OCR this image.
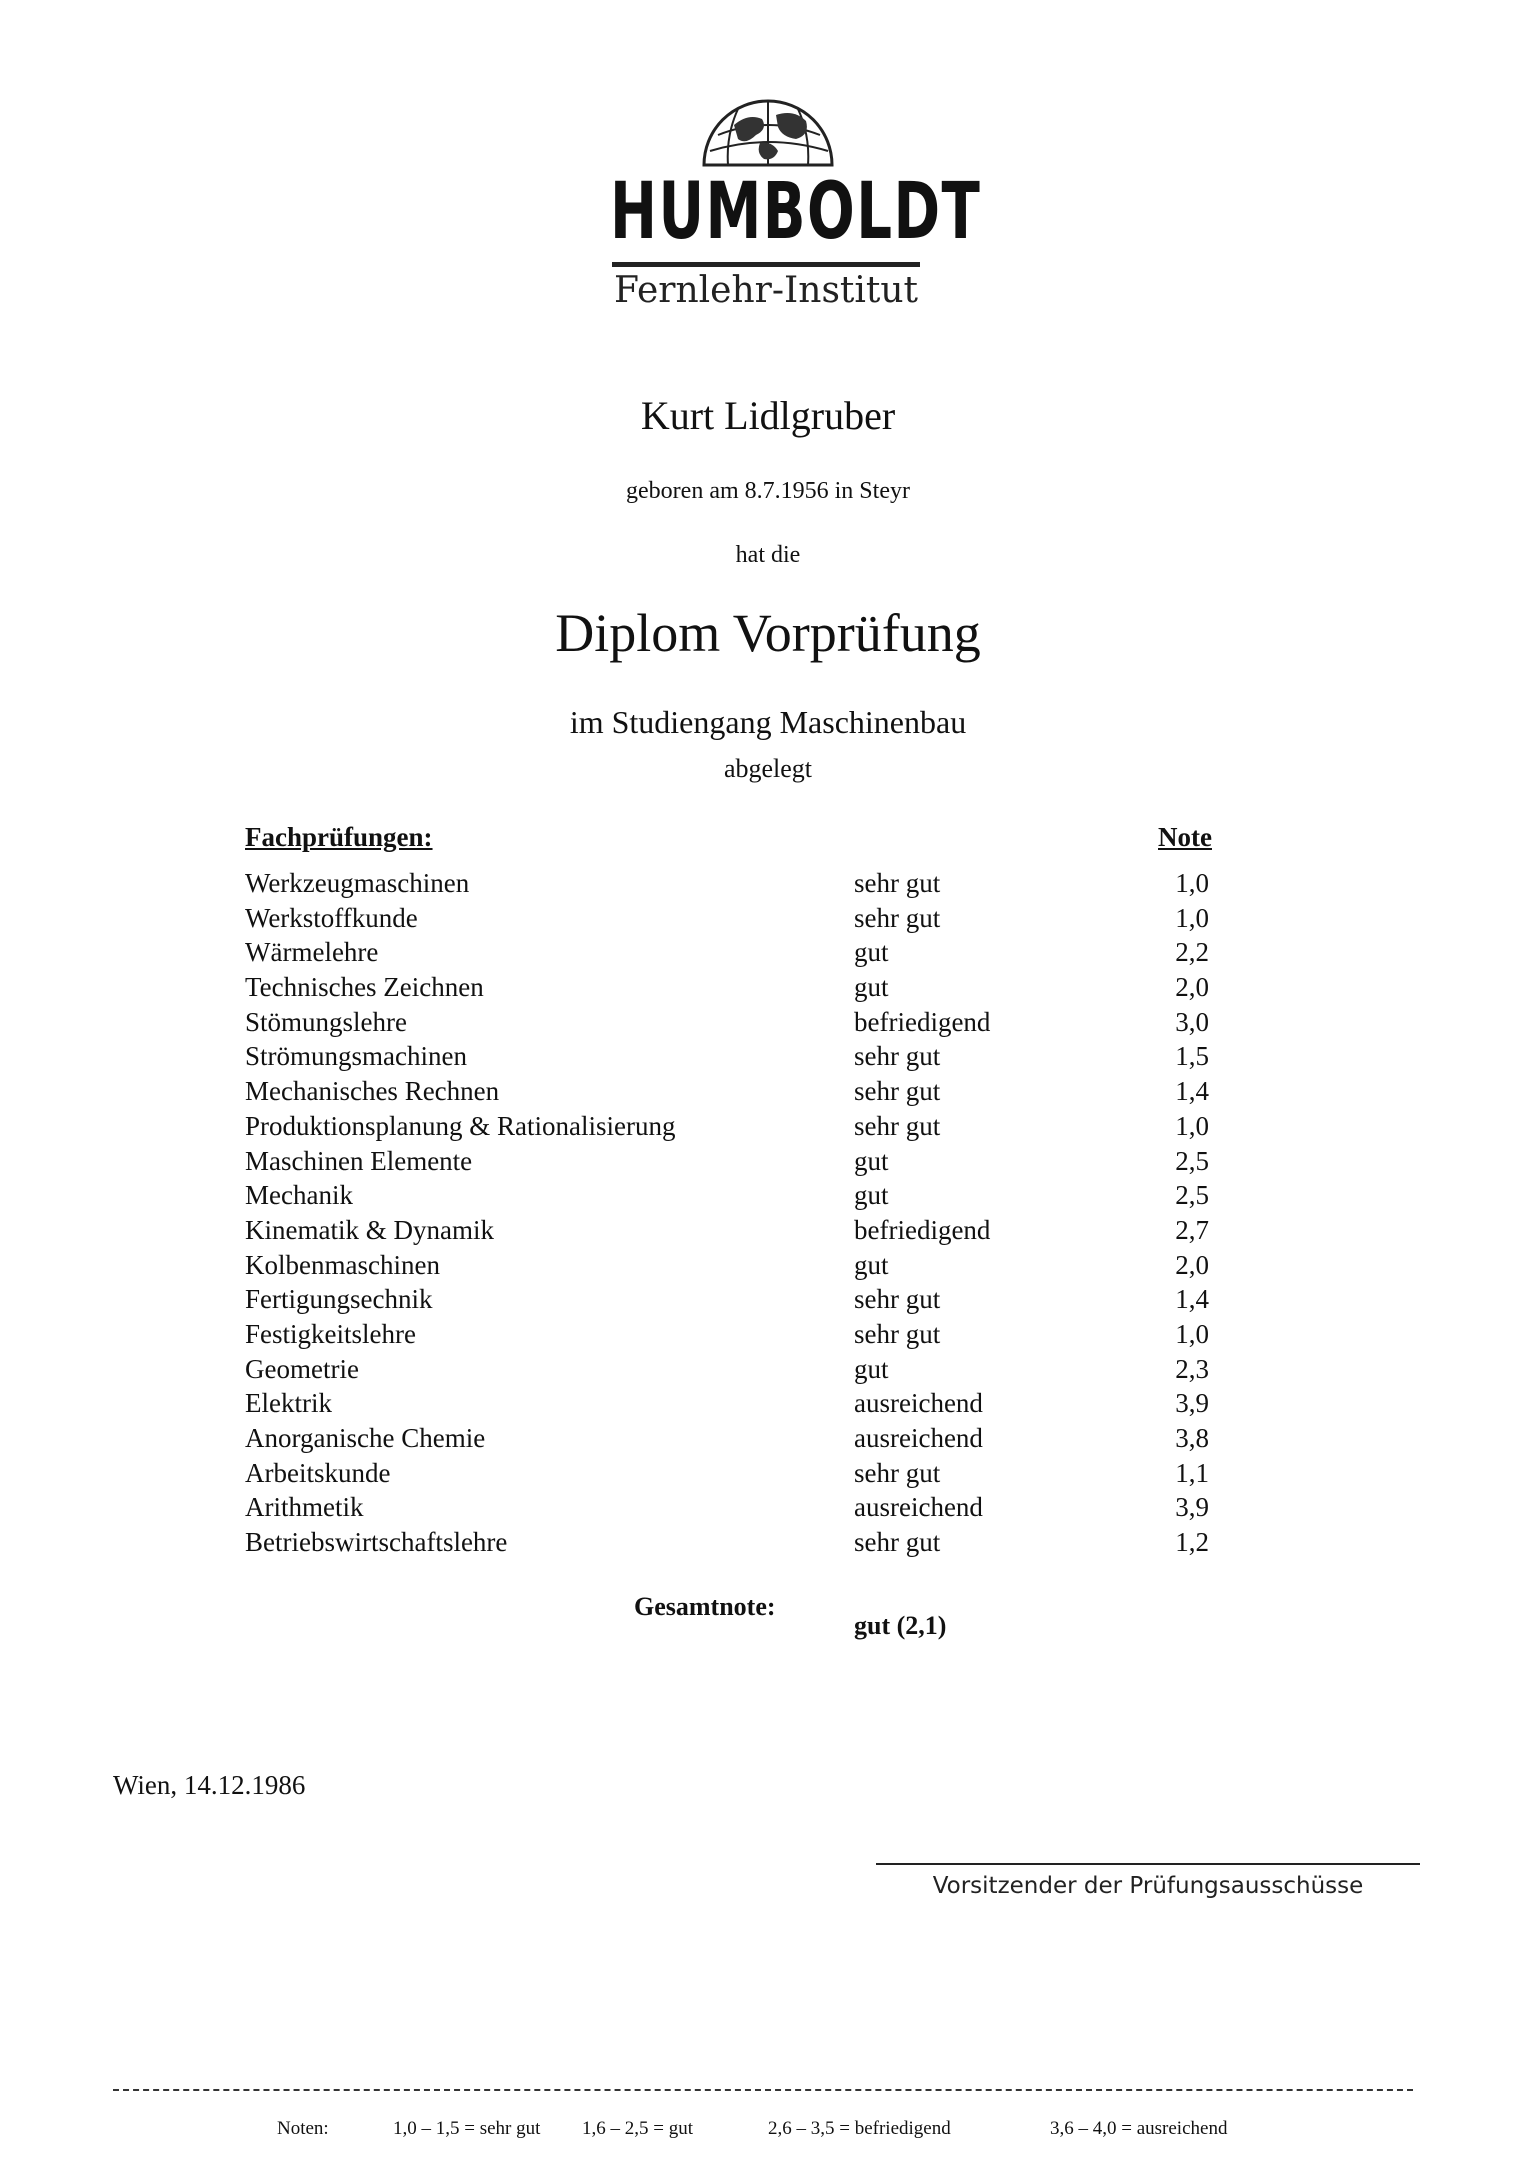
HUMBOLDT
Fernlehr-Institut
Kurt Lidlgruber
geboren am 8.7.1956 in Steyr
hat die
Diplom Vorprüfung
im Studiengang Maschinenbau
abgelegt
Fachprüfungen:	Note
Werkzeugmaschinen	sehr gut	1,0
Werkstoffkunde	sehr gut	1,0
Wärmelehre	gut	2,2
Technisches Zeichnen	gut	2,0
Stömungslehre	befriedigend	3,0
Strömungsmachinen	sehr gut	1,5
Mechanisches Rechnen	sehr gut	1,4
Produktionsplanung & Rationalisierung	sehr gut	1,0
Maschinen Elemente	gut	2,5
Mechanik	gut	2,5
Kinematik & Dynamik	befriedigend	2,7
Kolbenmaschinen	gut	2,0
Fertigungsechnik	sehr gut	1,4
Festigkeitslehre	sehr gut	1,0
Geometrie	gut	2,3
Elektrik	ausreichend	3,9
Anorganische Chemie	ausreichend	3,8
Arbeitskunde	sehr gut	1,1
Arithmetik	ausreichend	3,9
Betriebswirtschaftslehre	sehr gut	1,2
Gesamtnote:
gut (2,1)
Wien, 14.12.1986
Vorsitzender der Prüfungsausschüsse
Noten:	1,0 – 1,5 = sehr gut 1,6 – 2,5 = gut	2,6 – 3,5 = befriedigend	3,6 – 4,0 = ausreichend
